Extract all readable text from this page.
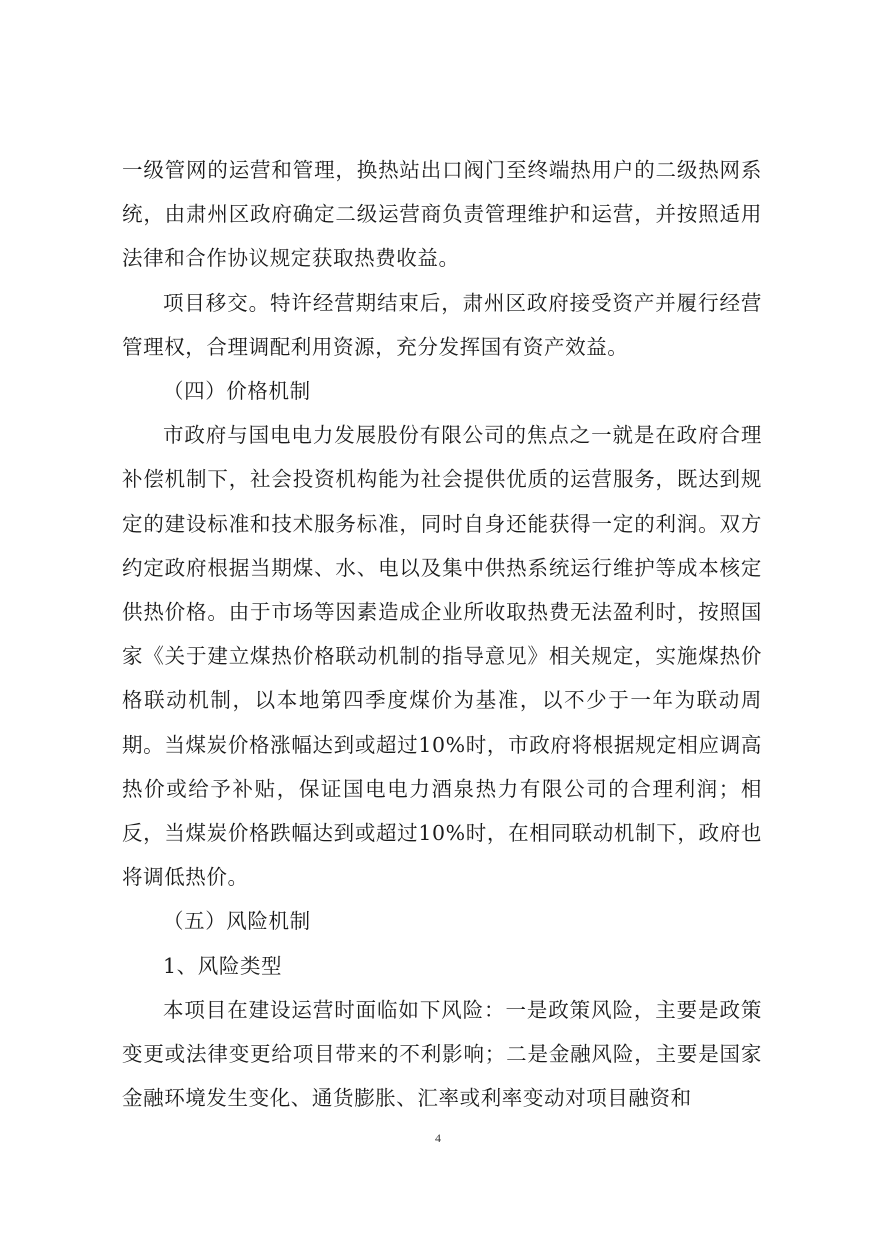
一级管网的运营和管理，换热站出口阀门至终端热用户的二级热网系统，由肃州区政府确定二级运营商负责管理维护和运营，并按照适用法律和合作协议规定获取热费收益。

项目移交。特许经营期结束后，肃州区政府接受资产并履行经营管理权，合理调配利用资源，充分发挥国有资产效益。

（四）价格机制

市政府与国电电力发展股份有限公司的焦点之一就是在政府合理补偿机制下，社会投资机构能为社会提供优质的运营服务，既达到规定的建设标准和技术服务标准，同时自身还能获得一定的利润。双方约定政府根据当期煤、水、电以及集中供热系统运行维护等成本核定供热价格。由于市场等因素造成企业所收取热费无法盈利时，按照国家《关于建立煤热价格联动机制的指导意见》相关规定，实施煤热价格联动机制，以本地第四季度煤价为基准，以不少于一年为联动周期。当煤炭价格涨幅达到或超过10%时，市政府将根据规定相应调高热价或给予补贴，保证国电电力酒泉热力有限公司的合理利润；相反，当煤炭价格跌幅达到或超过10%时，在相同联动机制下，政府也将调低热价。

（五）风险机制

1、风险类型

本项目在建设运营时面临如下风险：一是政策风险，主要是政策变更或法律变更给项目带来的不利影响；二是金融风险，主要是国家金融环境发生变化、通货膨胀、汇率或利率变动对项目融资和

4
